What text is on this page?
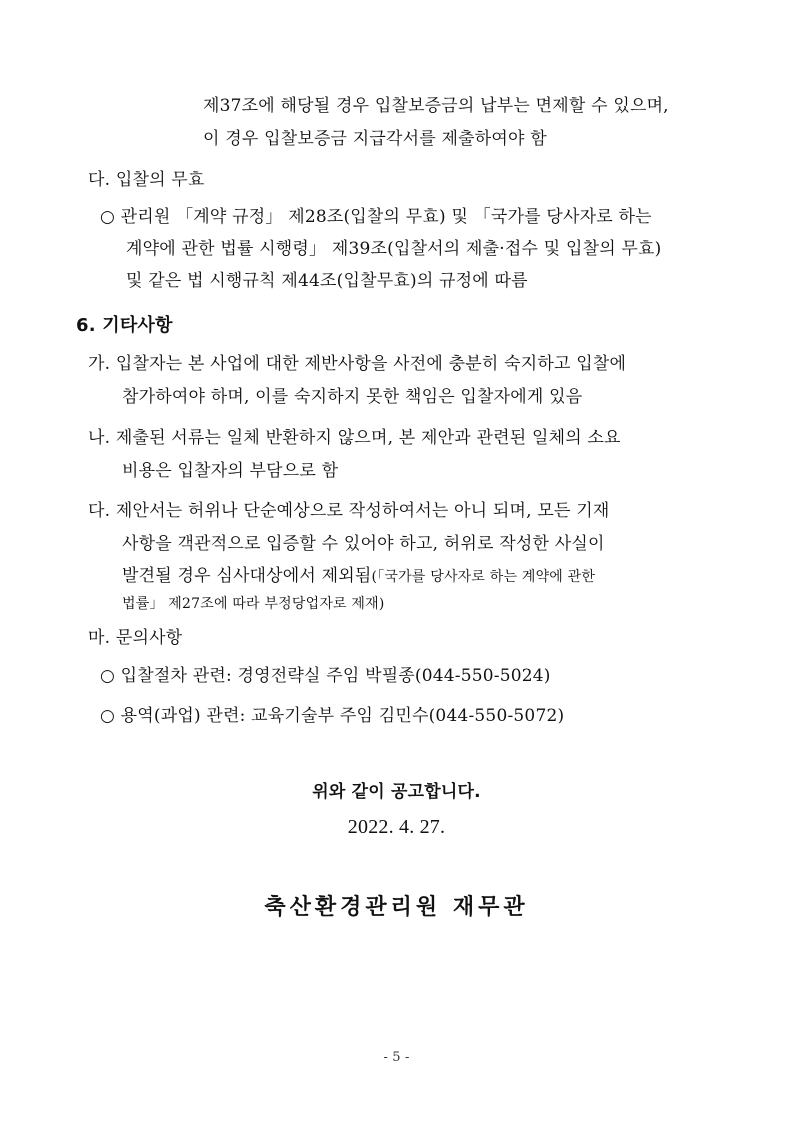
제37조에 해당될 경우 입찰보증금의 납부는 면제할 수 있으며,
이 경우 입찰보증금 지급각서를 제출하여야 함
다. 입찰의 무효
○ 관리원 「계약 규정」 제28조(입찰의 무효) 및 「국가를 당사자로 하는
계약에 관한 법률 시행령」 제39조(입찰서의 제출·접수 및 입찰의 무효)
및 같은 법 시행규칙 제44조(입찰무효)의 규정에 따름
6. 기타사항
가. 입찰자는 본 사업에 대한 제반사항을 사전에 충분히 숙지하고 입찰에
참가하여야 하며, 이를 숙지하지 못한 책임은 입찰자에게 있음
나. 제출된 서류는 일체 반환하지 않으며, 본 제안과 관련된 일체의 소요
비용은 입찰자의 부담으로 함
다. 제안서는 허위나 단순예상으로 작성하여서는 아니 되며, 모든 기재
사항을 객관적으로 입증할 수 있어야 하고, 허위로 작성한 사실이
발견될 경우 심사대상에서 제외됨(「국가를 당사자로 하는 계약에 관한
법률」 제27조에 따라 부정당업자로 제재)
마. 문의사항
○ 입찰절차 관련: 경영전략실 주임 박필종(044-550-5024)
○ 용역(과업) 관련: 교육기술부 주임 김민수(044-550-5072)
위와 같이 공고합니다.
2022. 4. 27.
축산환경관리원 재무관
- 5 -
